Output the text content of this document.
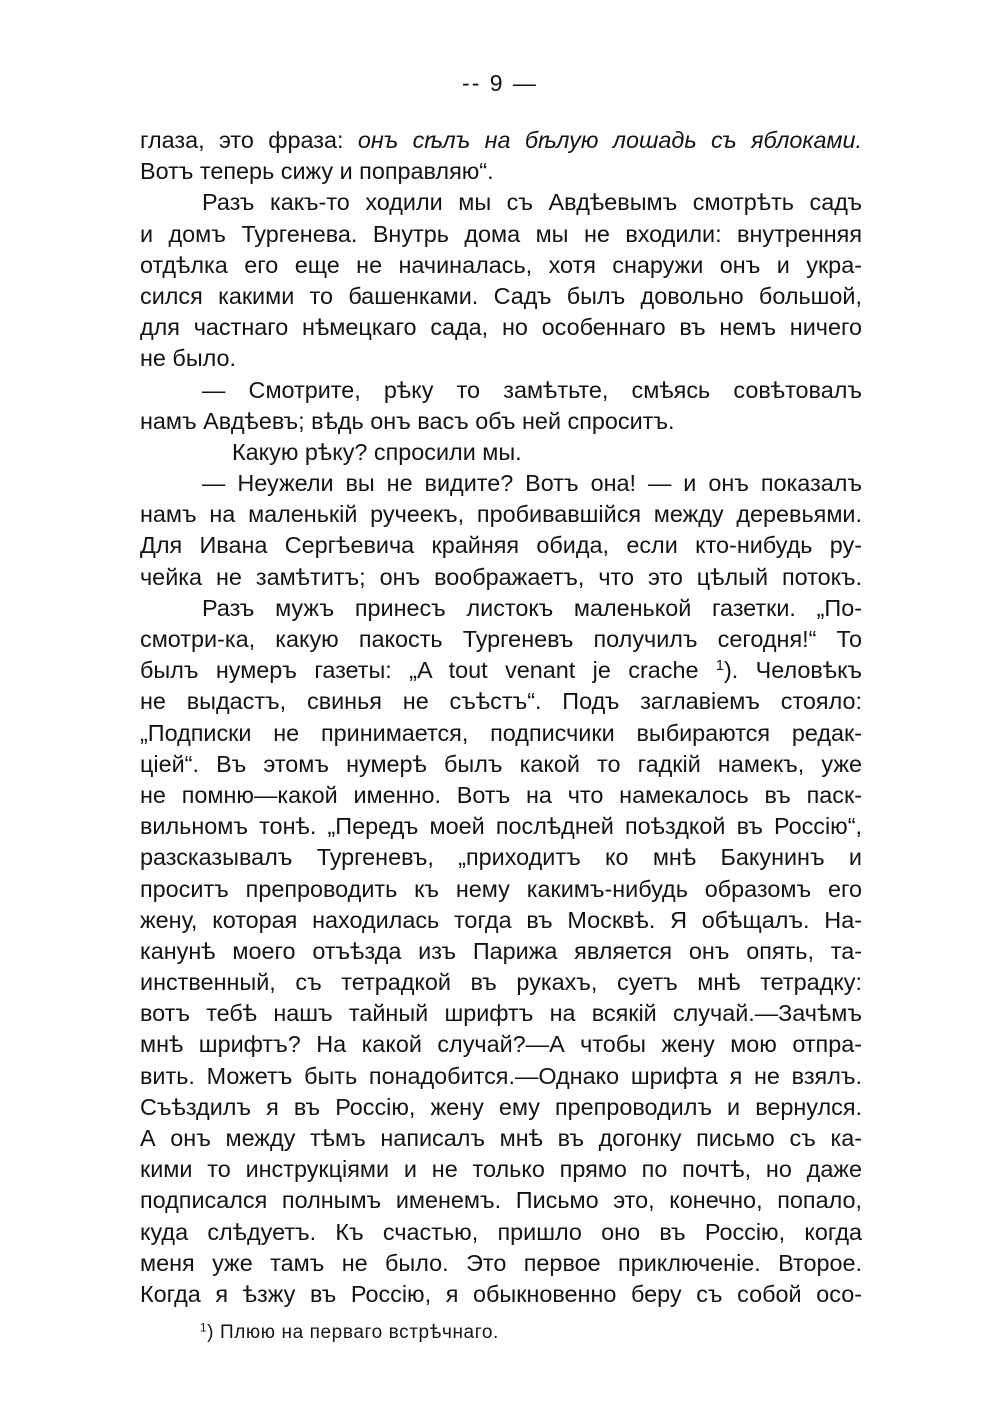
-- 9 —
глаза, это фраза: онъ сѣлъ на бѣлую лошадь съ яблоками.
Вотъ теперь сижу и поправляю“.
Разъ какъ-то ходили мы съ Авдѣевымъ смотрѣть садъ
и домъ Тургенева. Внутрь дома мы не входили: внутренняя
отдѣлка его еще не начиналась, хотя снаружи онъ и укра-
сился какими то башенками. Садъ былъ довольно большой,
для частнаго нѣмецкаго сада, но особеннаго въ немъ ничего
не было.
— Смотрите, рѣку то замѣтьте, смѣясь совѣтовалъ
намъ Авдѣевъ; вѣдь онъ васъ объ ней спроситъ.
Какую рѣку? спросили мы.
— Неужели вы не видите? Вотъ она! — и онъ показалъ
намъ на маленькій ручеекъ, пробивавшійся между деревьями.
Для Ивана Сергѣевича крайняя обида, если кто-нибудь ру-
чейка не замѣтитъ; онъ воображаетъ, что это цѣлый потокъ.
Разъ мужъ принесъ листокъ маленькой газетки. „По-
смотри-ка, какую пакость Тургеневъ получилъ сегодня!“ То
былъ нумеръ газеты: „A tout venant je crache $^1$). Человѣкъ
не выдастъ, свинья не съѣстъ“. Подъ заглавіемъ стояло:
„Подписки не принимается, подписчики выбираются редак-
ціей“. Въ этомъ нумерѣ былъ какой то гадкій намекъ, уже
не помню—какой именно. Вотъ на что намекалось въ паск-
вильномъ тонѣ. „Передъ моей послѣдней поѣздкой въ Россію“,
разсказывалъ Тургеневъ, „приходитъ ко мнѣ Бакунинъ и
проситъ препроводить къ нему какимъ-нибудь образомъ его
жену, которая находилась тогда въ Москвѣ. Я обѣщалъ. На-
канунѣ моего отъѣзда изъ Парижа является онъ опять, та-
инственный, съ тетрадкой въ рукахъ, суетъ мнѣ тетрадку:
вотъ тебѣ нашъ тайный шрифтъ на всякій случай.—Зачѣмъ
мнѣ шрифтъ? На какой случай?—А чтобы жену мою отпра-
вить. Можетъ быть понадобится.—Однако шрифта я не взялъ.
Съѣздилъ я въ Россію, жену ему препроводилъ и вернулся.
А онъ между тѣмъ написалъ мнѣ въ догонку письмо съ ка-
кими то инструкціями и не только прямо по почтѣ, но даже
подписался полнымъ именемъ. Письмо это, конечно, попало,
куда слѣдуетъ. Къ счастью, пришло оно въ Россію, когда
меня уже тамъ не было. Это первое приключеніе. Второе.
Когда я ѣзжу въ Россію, я обыкновенно беру съ собой осо-
$^1$) Плюю на перваго встрѣчнаго.
